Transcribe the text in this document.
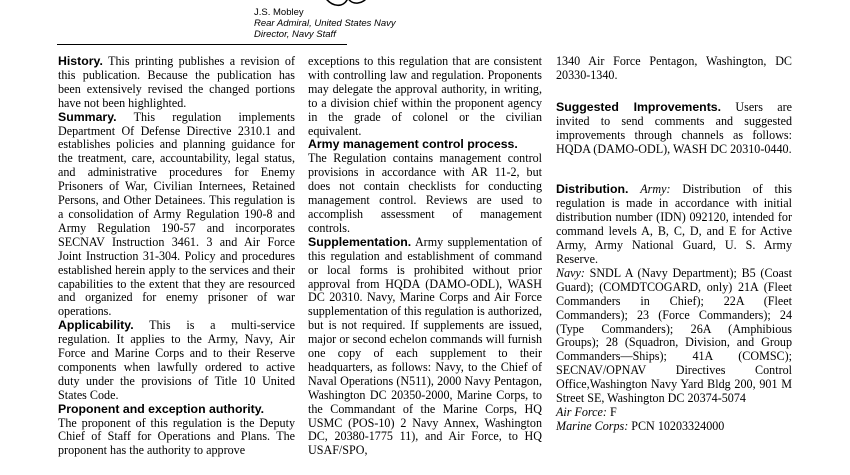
J.S. Mobley
Rear Admiral, United States Navy
Director, Navy Staff

History. This printing publishes a revision of this publication. Because the publication has been extensively revised the changed portions have not been highlighted.

Summary. This regulation implements Department Of Defense Directive 2310.1 and establishes policies and planning guidance for the treatment, care, accountability, legal status, and administrative procedures for Enemy Prisoners of War, Civilian Internees, Retained Persons, and Other Detainees. This regulation is a consolidation of Army Regulation 190-8 and Army Regulation 190-57 and incorporates SECNAV Instruction 3461. 3 and Air Force Joint Instruction 31-304. Policy and procedures established herein apply to the services and their capabilities to the extent that they are resourced and organized for enemy prisoner of war operations.

Applicability. This is a multi-service regulation. It applies to the Army, Navy, Air Force and Marine Corps and to their Reserve components when lawfully ordered to active duty under the provisions of Title 10 United States Code.

Proponent and exception authority.
The proponent of this regulation is the Deputy Chief of Staff for Operations and Plans. The proponent has the authority to approve

exceptions to this regulation that are consistent with controlling law and regulation. Proponents may delegate the approval authority, in writing, to a division chief within the proponent agency in the grade of colonel or the civilian equivalent.

Army management control process.
The Regulation contains management control provisions in accordance with AR 11-2, but does not contain checklists for conducting management control. Reviews are used to accomplish assessment of management controls.

Supplementation. Army supplementation of this regulation and establishment of command or local forms is prohibited without prior approval from HQDA (DAMO-ODL), WASH DC 20310. Navy, Marine Corps and Air Force supplementation of this regulation is authorized, but is not required. If supplements are issued, major or second echelon commands will furnish one copy of each supplement to their headquarters, as follows: Navy, to the Chief of Naval Operations (N511), 2000 Navy Pentagon, Washington DC 20350-2000, Marine Corps, to the Commandant of the Marine Corps, HQ USMC (POS-10) 2 Navy Annex, Washington DC, 20380-1775 11), and Air Force, to HQ USAF/SPO,

1340 Air Force Pentagon, Washington, DC 20330-1340.

Suggested Improvements. Users are invited to send comments and suggested improvements through channels as follows: HQDA (DAMO-ODL), WASH DC 20310-0440.

Distribution. Army: Distribution of this regulation is made in accordance with initial distribution number (IDN) 092120, intended for command levels A, B, C, D, and E for Active Army, Army National Guard, U. S. Army Reserve.

Navy: SNDL A (Navy Department); B5 (Coast Guard); (COMDTCOGARD, only) 21A (Fleet Commanders in Chief); 22A (Fleet Commanders); 23 (Force Commanders); 24 (Type Commanders); 26A (Amphibious Groups); 28 (Squadron, Division, and Group Commanders—Ships); 41A (COMSC); SECNAV/OPNAV Directives Control Office,Washington Navy Yard Bldg 200, 901 M Street SE, Washington DC 20374-5074

Air Force: F

Marine Corps: PCN 10203324000
